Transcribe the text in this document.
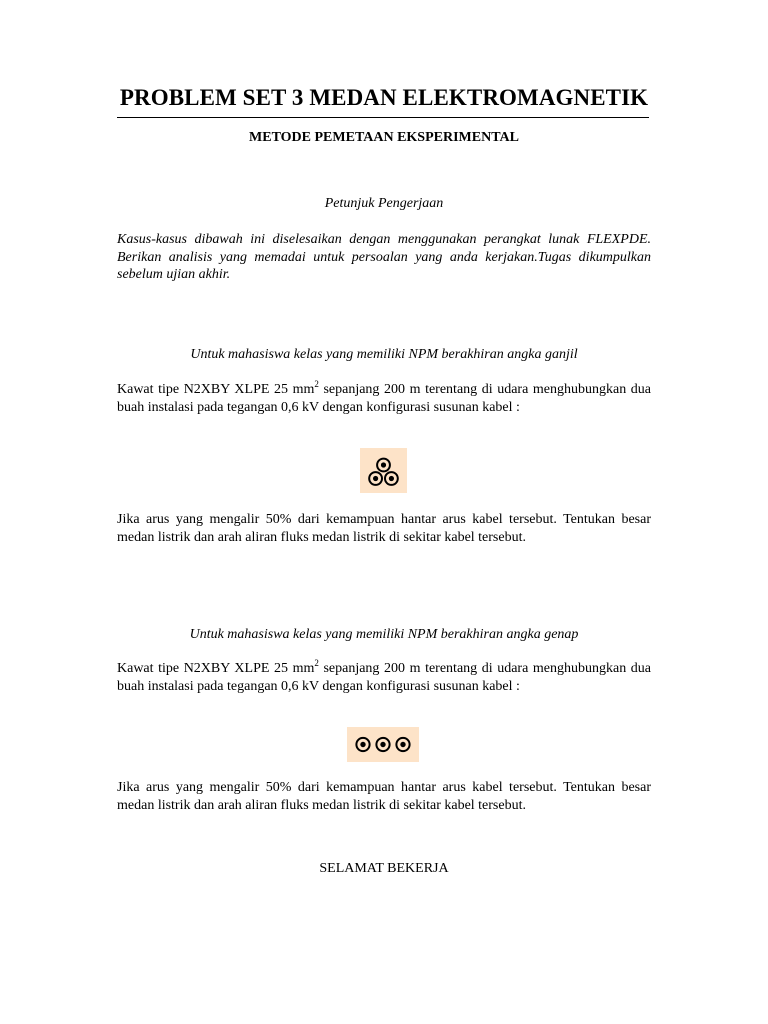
PROBLEM SET 3 MEDAN ELEKTROMAGNETIK
METODE PEMETAAN EKSPERIMENTAL
Petunjuk Pengerjaan
Kasus-kasus dibawah ini diselesaikan dengan menggunakan perangkat lunak FLEXPDE. Berikan analisis yang memadai untuk persoalan yang anda kerjakan.Tugas dikumpulkan sebelum ujian akhir.
Untuk mahasiswa kelas yang memiliki NPM berakhiran angka ganjil
Kawat tipe N2XBY XLPE 25 $mm^2$ sepanjang 200 m terentang di udara menghubungkan dua buah instalasi pada tegangan 0,6 kV dengan konfigurasi susunan kabel :
Jika arus yang mengalir 50% dari kemampuan hantar arus kabel tersebut. Tentukan besar medan listrik dan arah aliran fluks medan listrik di sekitar kabel tersebut.
Untuk mahasiswa kelas yang memiliki NPM berakhiran angka genap
Kawat tipe N2XBY XLPE 25 $mm^2$ sepanjang 200 m terentang di udara menghubungkan dua buah instalasi pada tegangan 0,6 kV dengan konfigurasi susunan kabel :
Jika arus yang mengalir 50% dari kemampuan hantar arus kabel tersebut. Tentukan besar medan listrik dan arah aliran fluks medan listrik di sekitar kabel tersebut.
SELAMAT BEKERJA
